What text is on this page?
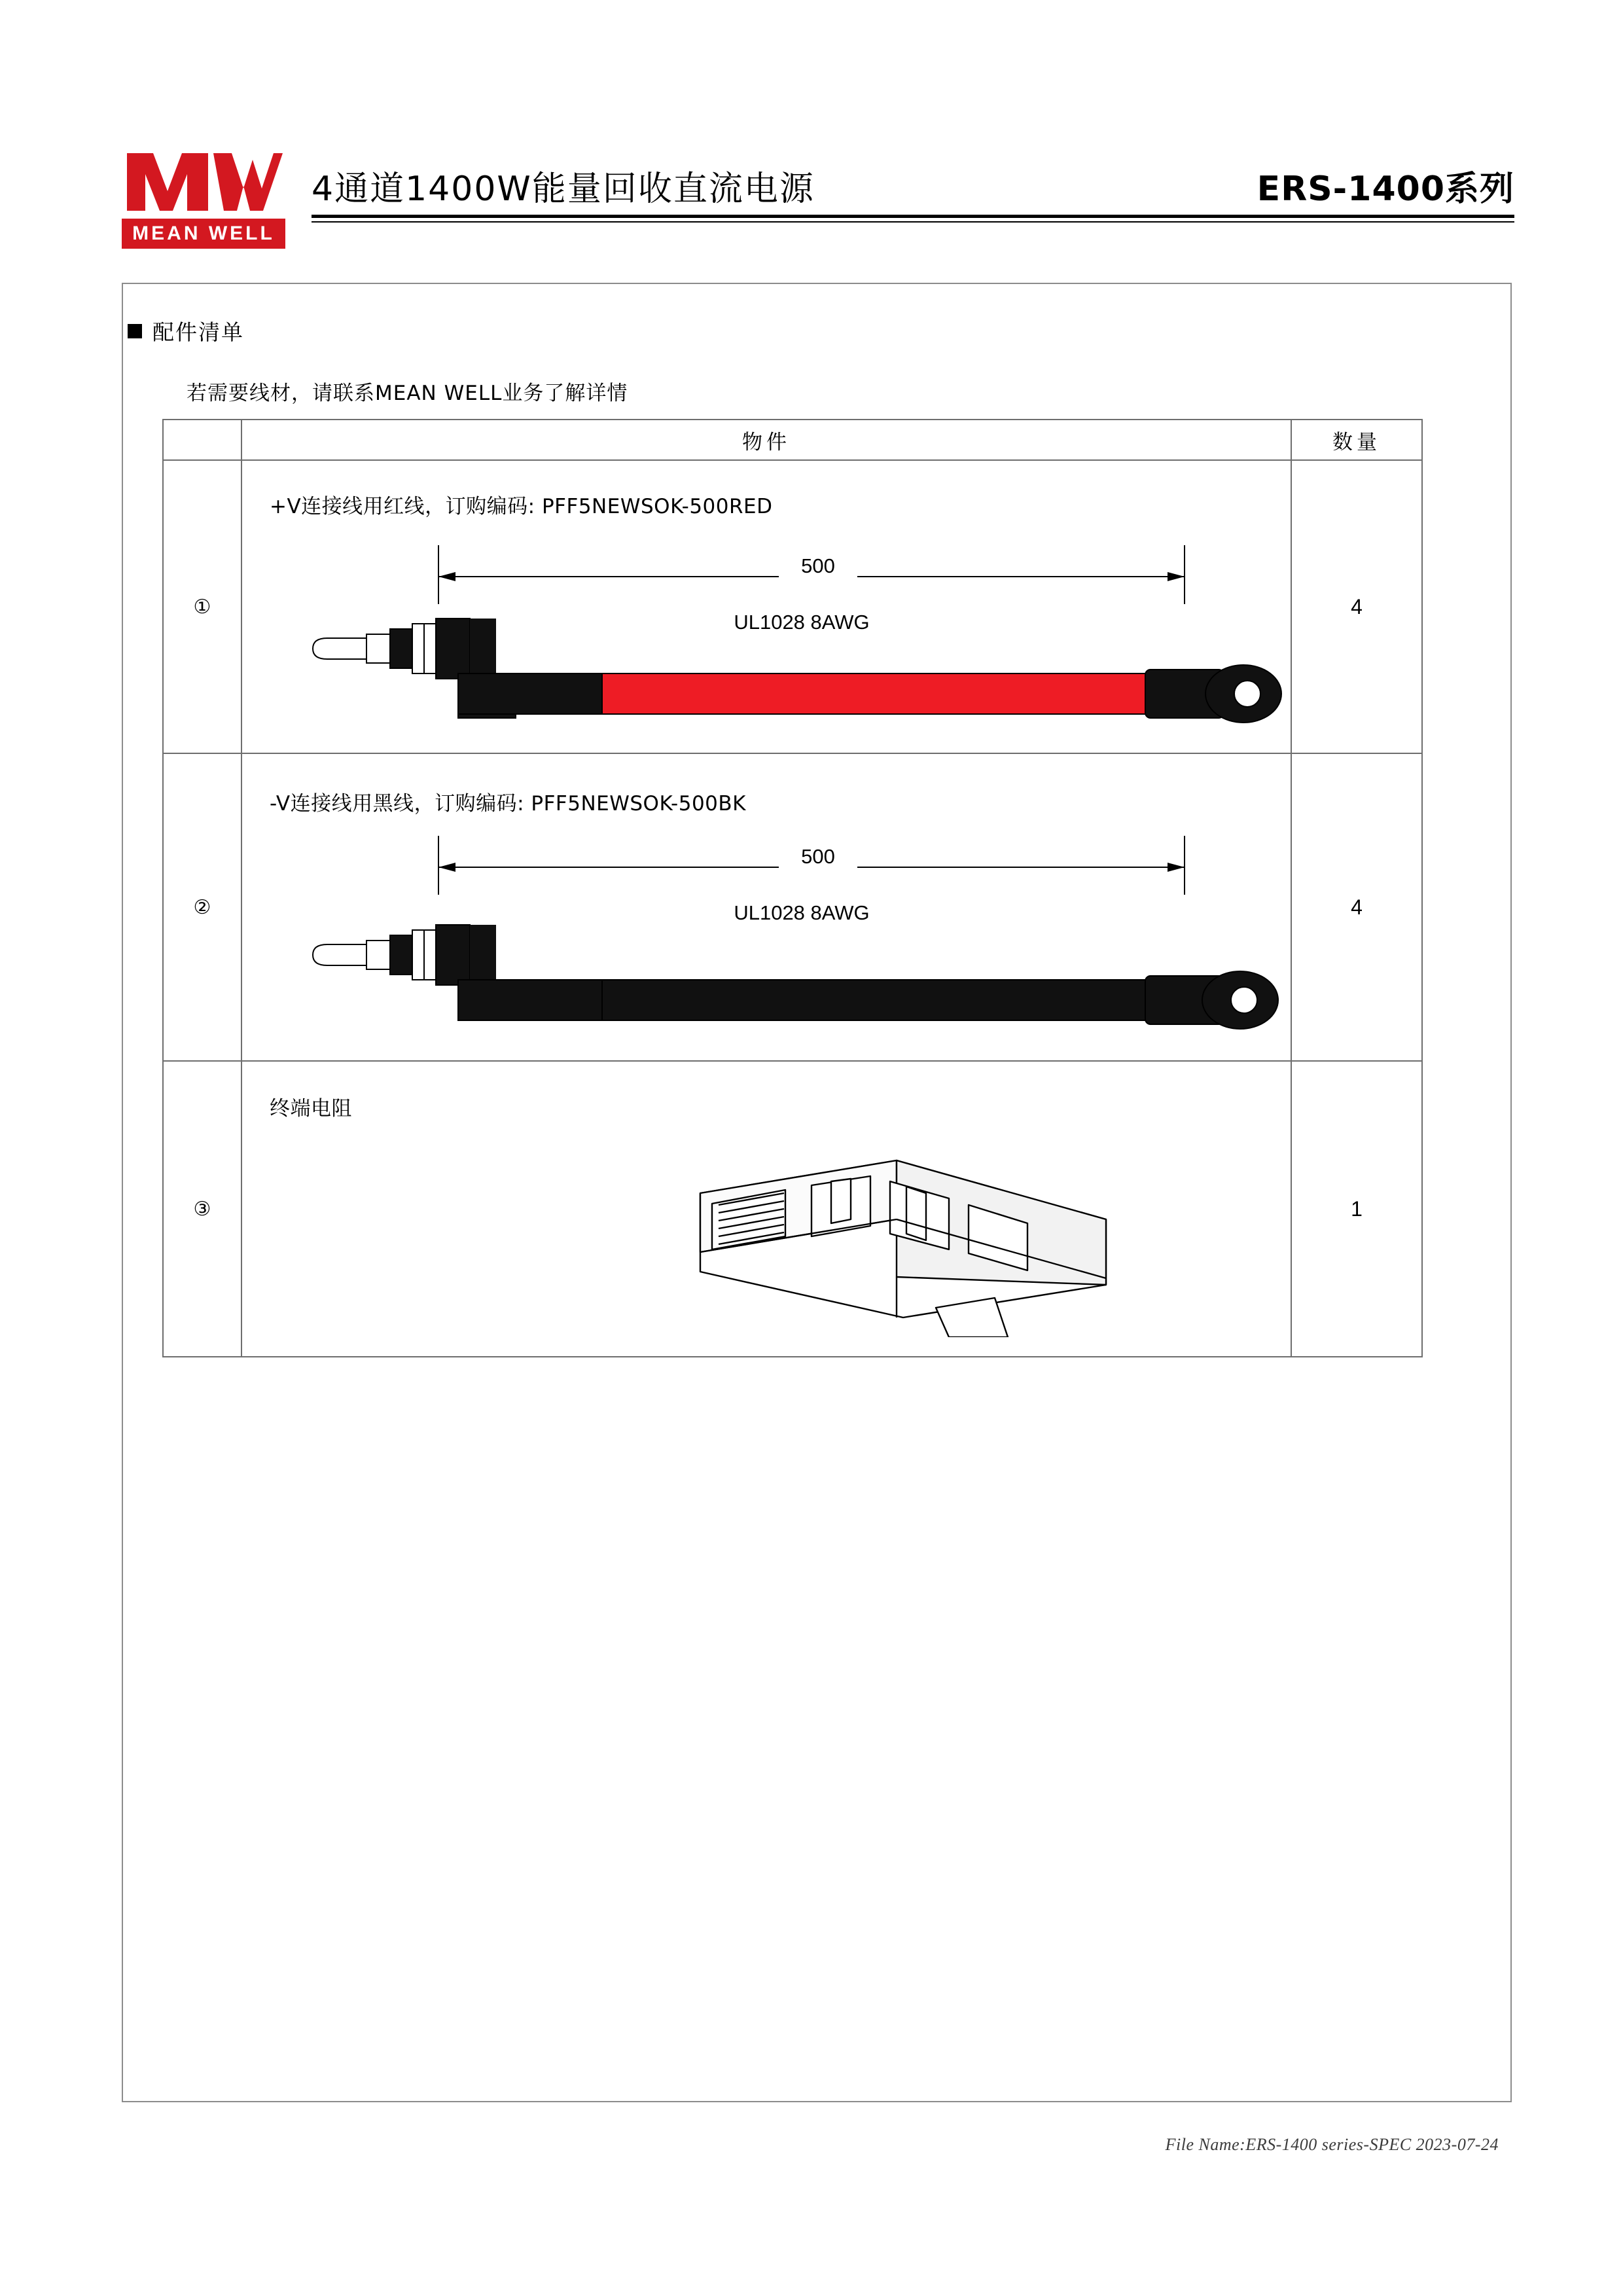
MEAN WELL
4通道1400W能量回收直流电源	ERS-1400系列
配件清单
若需要线材，请联系MEAN WELL业务了解详情
	物件	数量
①	+V连接线用红线，订购编码: PFF5NEWSOK-500RED
500
UL1028 8AWG	4
②	-V连接线用黑线，订购编码: PFF5NEWSOK-500BK
500
UL1028 8AWG	4
③	终端电阻	1
File Name:ERS-1400 series-SPEC 2023-07-24
